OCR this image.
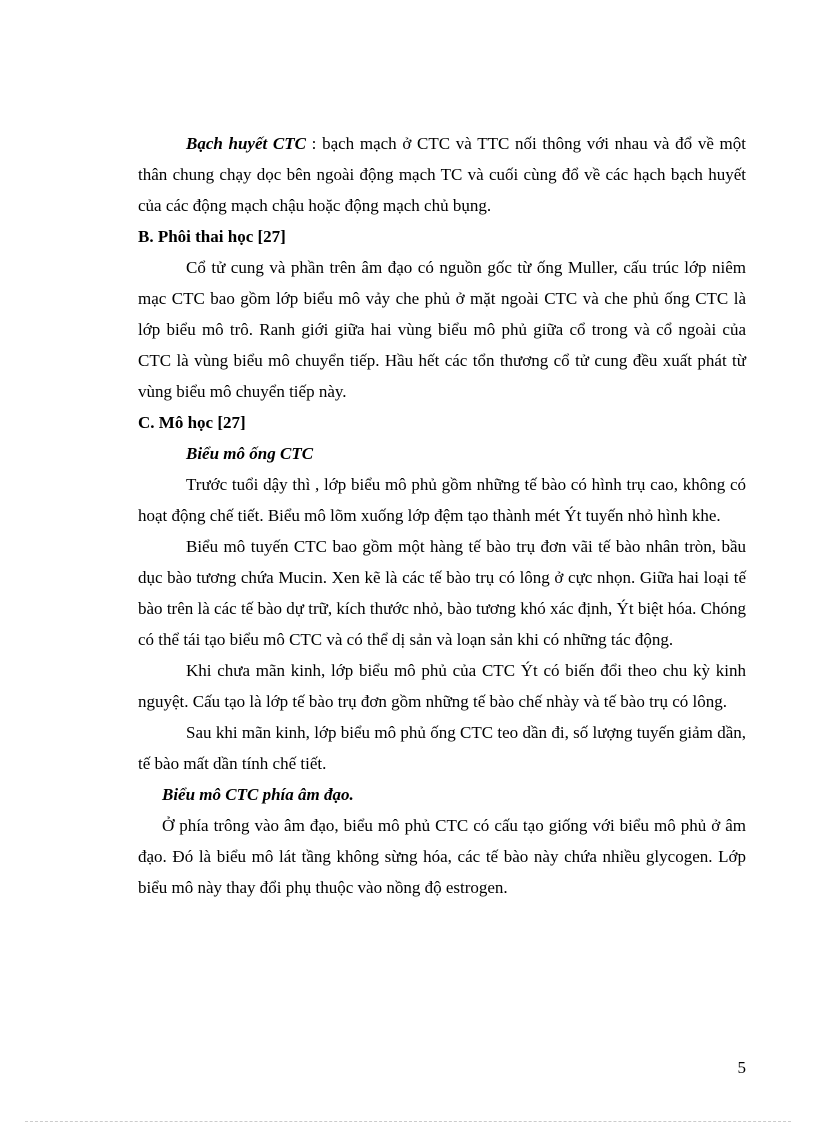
Bạch huyết CTC : bạch mạch ở CTC và TTC nối thông với nhau và đổ về một thân chung chạy dọc bên ngoài động mạch TC và cuối cùng đổ về các hạch bạch huyết của các động mạch chậu hoặc động mạch chủ bụng.

B. Phôi thai học [27]

Cổ tử cung và phần trên âm đạo có nguồn gốc từ ống Muller, cấu trúc lớp niêm mạc CTC bao gồm lớp biểu mô vảy che phủ ở mặt ngoài CTC và che phủ ống CTC là lớp biểu mô trô. Ranh giới giữa hai vùng biểu mô phủ giữa cổ trong và cổ ngoài của CTC là vùng biểu mô chuyển tiếp. Hầu hết các tổn thương cổ tử cung đều xuất phát từ vùng biểu mô chuyển tiếp này.

C. Mô học [27]

Biểu mô ống CTC

Trước tuổi dậy thì , lớp biểu mô phủ gồm những tế bào có hình trụ cao, không có hoạt động chế tiết. Biểu mô lõm xuống lớp đệm tạo thành mét Ýt tuyến nhỏ hình khe.

Biểu mô tuyến CTC bao gồm một hàng tế bào trụ đơn vãi tế bào nhân tròn, bầu dục bào tương chứa Mucin. Xen kẽ là các tế bào trụ có lông ở cực nhọn. Giữa hai loại tế bào trên là các tế bào dự trữ, kích thước nhỏ, bào tương khó xác định, Ýt biệt hóa. Chóng có thể tái tạo biểu mô CTC và có thể dị sản và loạn sản khi có những tác động.

Khi chưa mãn kinh, lớp biểu mô phủ của CTC Ýt có biến đổi theo chu kỳ kinh nguyệt. Cấu tạo là lớp tế bào trụ đơn gồm những tế bào chế nhày và tế bào trụ có lông.

Sau khi mãn kinh, lớp biểu mô phủ ống CTC teo dần đi, số lượng tuyến giảm dần, tế bào mất dần tính chế tiết.

Biểu mô CTC phía âm đạo.

Ở phía trông vào âm đạo, biểu mô phủ CTC có cấu tạo giống với biểu mô phủ ở âm đạo. Đó là biểu mô lát tầng không sừng hóa, các tế bào này chứa nhiều glycogen. Lớp biểu mô này thay đổi phụ thuộc vào nồng độ estrogen.

5
